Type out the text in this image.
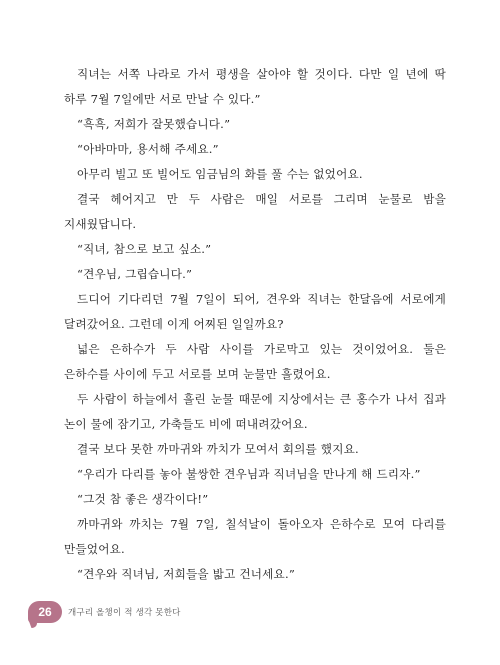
직녀는 서쪽 나라로 가서 평생을 살아야 할 것이다. 다만 일 년에 딱 하루 7월 7일에만 서로 만날 수 있다.”

“흑흑, 저희가 잘못했습니다.”

“아바마마, 용서해 주세요.”

아무리 빌고 또 빌어도 임금님의 화를 풀 수는 없었어요.

결국 헤어지고 만 두 사람은 매일 서로를 그리며 눈물로 밤을 지새웠답니다.

“직녀, 참으로 보고 싶소.”

“견우님, 그립습니다.”

드디어 기다리던 7월 7일이 되어, 견우와 직녀는 한달음에 서로에게 달려갔어요. 그런데 이게 어찌된 일일까요?

넓은 은하수가 두 사람 사이를 가로막고 있는 것이었어요. 둘은 은하수를 사이에 두고 서로를 보며 눈물만 흘렸어요.

두 사람이 하늘에서 흘린 눈물 때문에 지상에서는 큰 홍수가 나서 집과 논이 물에 잠기고, 가축들도 비에 떠내려갔어요.

결국 보다 못한 까마귀와 까치가 모여서 회의를 했지요.

“우리가 다리를 놓아 불쌍한 견우님과 직녀님을 만나게 해 드리자.”

“그것 참 좋은 생각이다!”

까마귀와 까치는 7월 7일, 칠석날이 돌아오자 은하수로 모여 다리를 만들었어요.

“견우와 직녀님, 저희들을 밟고 건너세요.”

26 개구리 올챙이 적 생각 못한다
